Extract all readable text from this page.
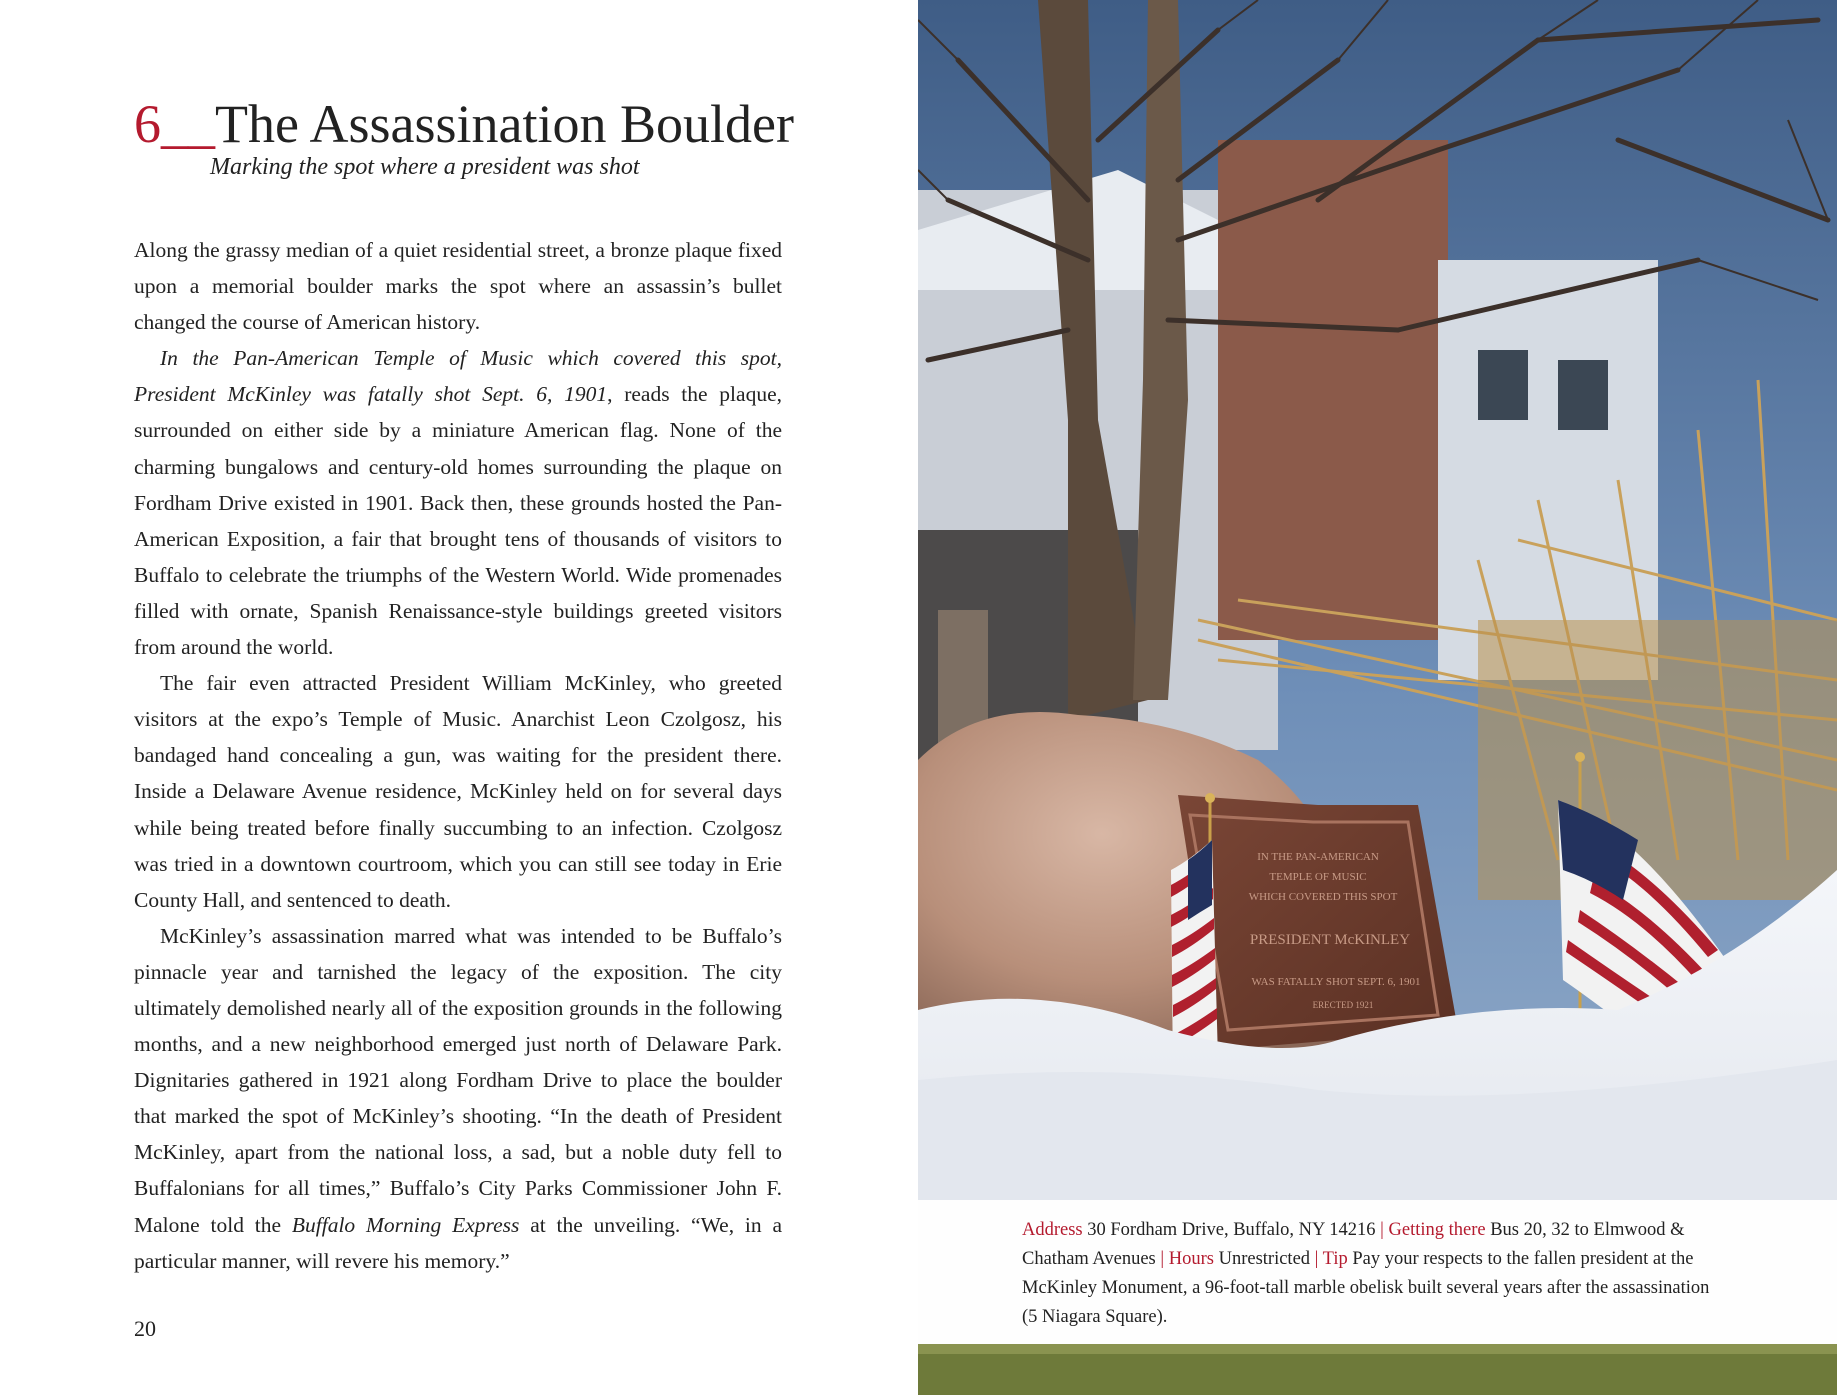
6__The Assassination Boulder
Marking the spot where a president was shot

Along the grassy median of a quiet residential street, a bronze plaque fixed upon a memorial boulder marks the spot where an assassin’s bullet changed the course of American history.

In the Pan-American Temple of Music which covered this spot, President McKinley was fatally shot Sept. 6, 1901, reads the plaque, surrounded on either side by a miniature American flag. None of the charming bungalows and century-old homes surrounding the plaque on Fordham Drive existed in 1901. Back then, these grounds hosted the Pan-American Exposition, a fair that brought tens of thousands of visitors to Buffalo to celebrate the triumphs of the Western World. Wide promenades filled with ornate, Spanish Renaissance-style buildings greeted visitors from around the world.

The fair even attracted President William McKinley, who greeted visitors at the expo’s Temple of Music. Anarchist Leon Czolgosz, his bandaged hand concealing a gun, was waiting for the president there. Inside a Delaware Avenue residence, McKinley held on for several days while being treated before finally succumbing to an infection. Czolgosz was tried in a downtown courtroom, which you can still see today in Erie County Hall, and sentenced to death.

McKinley’s assassination marred what was intended to be Buffalo’s pinnacle year and tarnished the legacy of the exposition. The city ultimately demolished nearly all of the exposition grounds in the following months, and a new neighborhood emerged just north of Delaware Park. Dignitaries gathered in 1921 along Fordham Drive to place the boulder that marked the spot of McKinley’s shooting. “In the death of President McKinley, apart from the national loss, a sad, but a noble duty fell to Buffalonians for all times,” Buffalo’s City Parks Commissioner John F. Malone told the Buffalo Morning Express at the unveiling. “We, in a particular manner, will revere his memory.”

20
IN THE PAN-AMERICAN
TEMPLE OF MUSIC
WHICH COVERED THIS SPOT
PRESIDENT McKINLEY
WAS FATALLY SHOT SEPT. 6, 1901
ERECTED 1921
Address 30 Fordham Drive, Buffalo, NY 14216 | Getting there Bus 20, 32 to Elmwood & Chatham Avenues | Hours Unrestricted | Tip Pay your respects to the fallen president at the McKinley Monument, a 96-foot-tall marble obelisk built several years after the assassination (5 Niagara Square).
